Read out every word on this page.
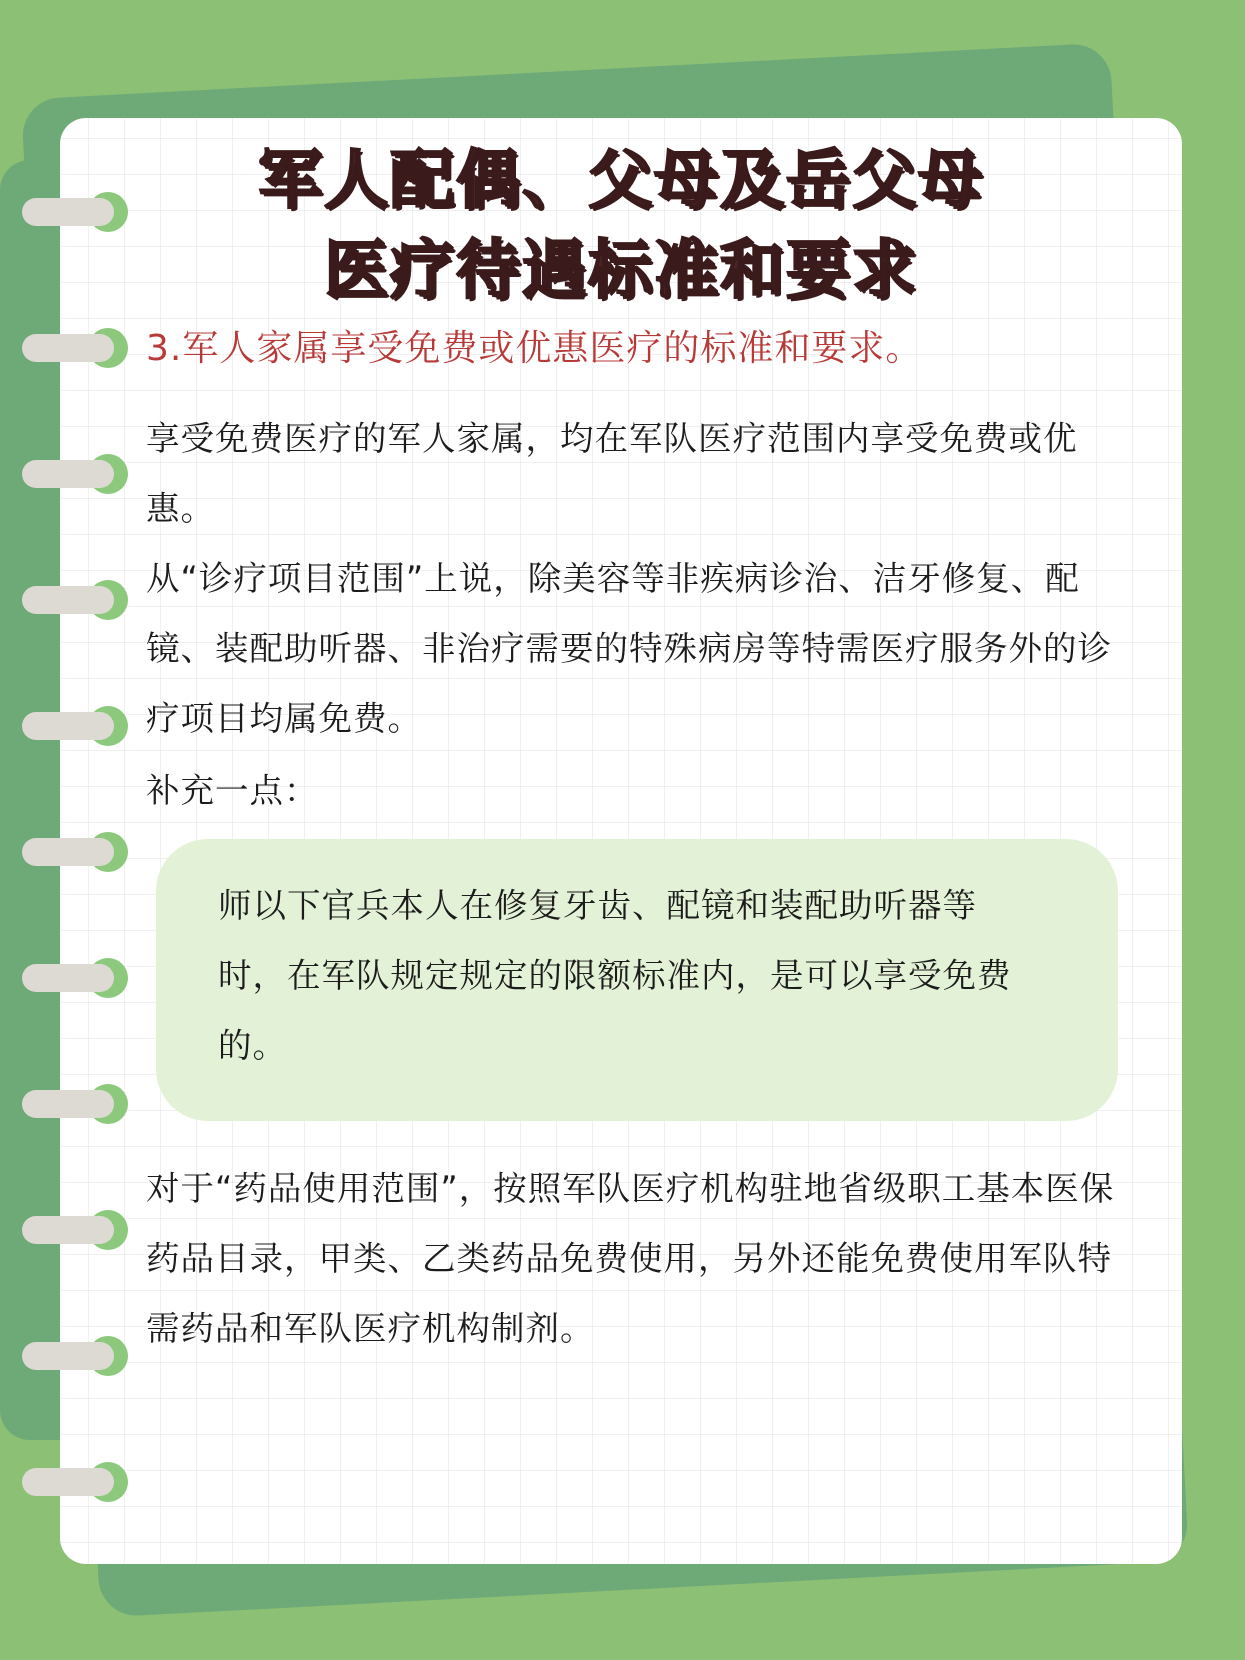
军人配偶、父母及岳父母
医疗待遇标准和要求

3.军人家属享受免费或优惠医疗的标准和要求。

享受免费医疗的军人家属，均在军队医疗范围内享受免费或优惠。

从“诊疗项目范围”上说，除美容等非疾病诊治、洁牙修复、配镜、装配助听器、非治疗需要的特殊病房等特需医疗服务外的诊疗项目均属免费。

补充一点：

师以下官兵本人在修复牙齿、配镜和装配助听器等时，在军队规定规定的限额标准内，是可以享受免费的。

对于“药品使用范围”，按照军队医疗机构驻地省级职工基本医保药品目录，甲类、乙类药品免费使用，另外还能免费使用军队特需药品和军队医疗机构制剂。
